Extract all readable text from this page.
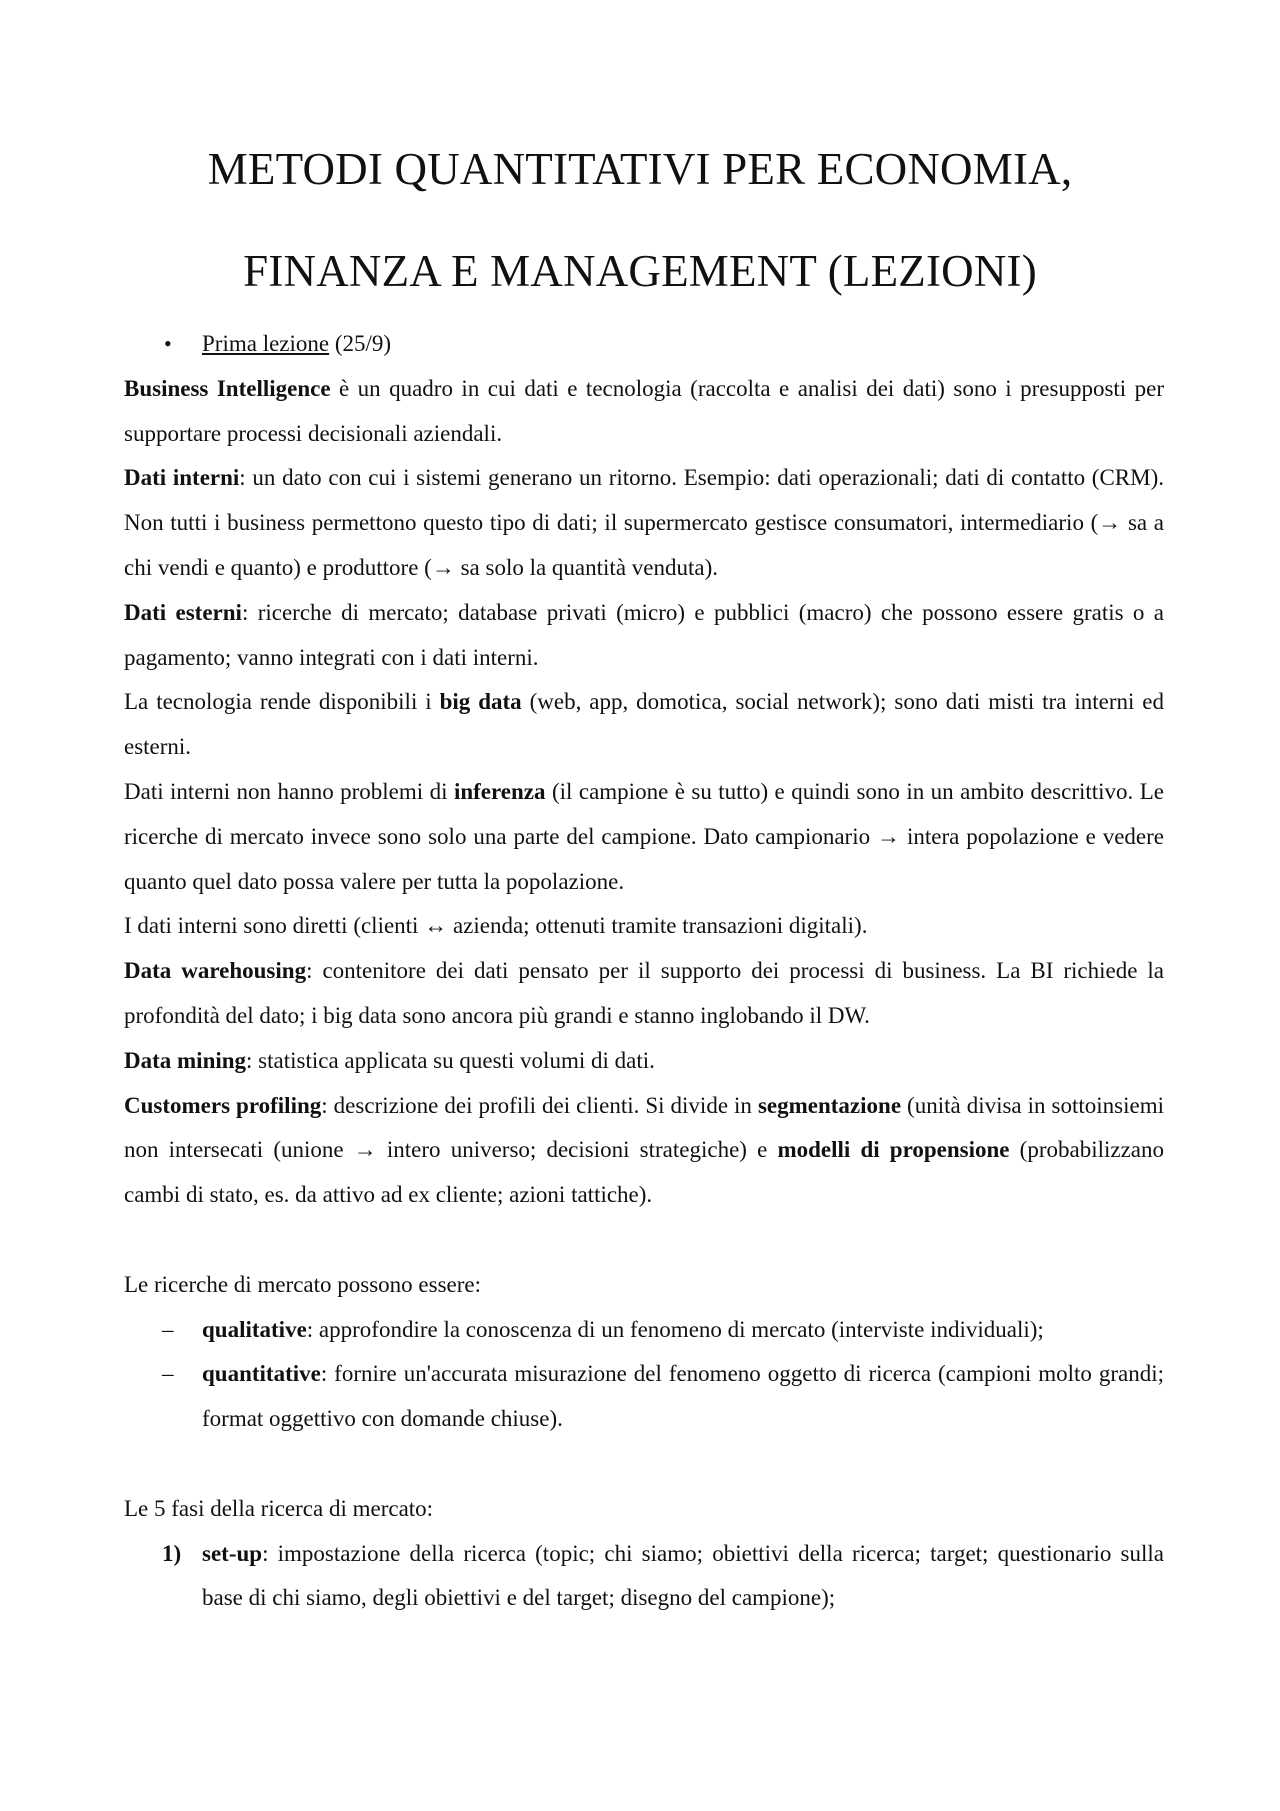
METODI QUANTITATIVI PER ECONOMIA,
FINANZA E MANAGEMENT (LEZIONI)

• Prima lezione (25/9)

Business Intelligence è un quadro in cui dati e tecnologia (raccolta e analisi dei dati) sono i presupposti per supportare processi decisionali aziendali.

Dati interni: un dato con cui i sistemi generano un ritorno. Esempio: dati operazionali; dati di contatto (CRM). Non tutti i business permettono questo tipo di dati; il supermercato gestisce consumatori, intermediario (→ sa a chi vendi e quanto) e produttore (→ sa solo la quantità venduta).

Dati esterni: ricerche di mercato; database privati (micro) e pubblici (macro) che possono essere gratis o a pagamento; vanno integrati con i dati interni.

La tecnologia rende disponibili i big data (web, app, domotica, social network); sono dati misti tra interni ed esterni.

Dati interni non hanno problemi di inferenza (il campione è su tutto) e quindi sono in un ambito descrittivo. Le ricerche di mercato invece sono solo una parte del campione. Dato campionario → intera popolazione e vedere quanto quel dato possa valere per tutta la popolazione.

I dati interni sono diretti (clienti ↔ azienda; ottenuti tramite transazioni digitali).

Data warehousing: contenitore dei dati pensato per il supporto dei processi di business. La BI richiede la profondità del dato; i big data sono ancora più grandi e stanno inglobando il DW.

Data mining: statistica applicata su questi volumi di dati.

Customers profiling: descrizione dei profili dei clienti. Si divide in segmentazione (unità divisa in sottoinsiemi non intersecati (unione → intero universo; decisioni strategiche) e modelli di propensione (probabilizzano cambi di stato, es. da attivo ad ex cliente; azioni tattiche).

Le ricerche di mercato possono essere:

– qualitative: approfondire la conoscenza di un fenomeno di mercato (interviste individuali);

– quantitative: fornire un'accurata misurazione del fenomeno oggetto di ricerca (campioni molto grandi; format oggettivo con domande chiuse).

Le 5 fasi della ricerca di mercato:

1) set-up: impostazione della ricerca (topic; chi siamo; obiettivi della ricerca; target; questionario sulla base di chi siamo, degli obiettivi e del target; disegno del campione);
